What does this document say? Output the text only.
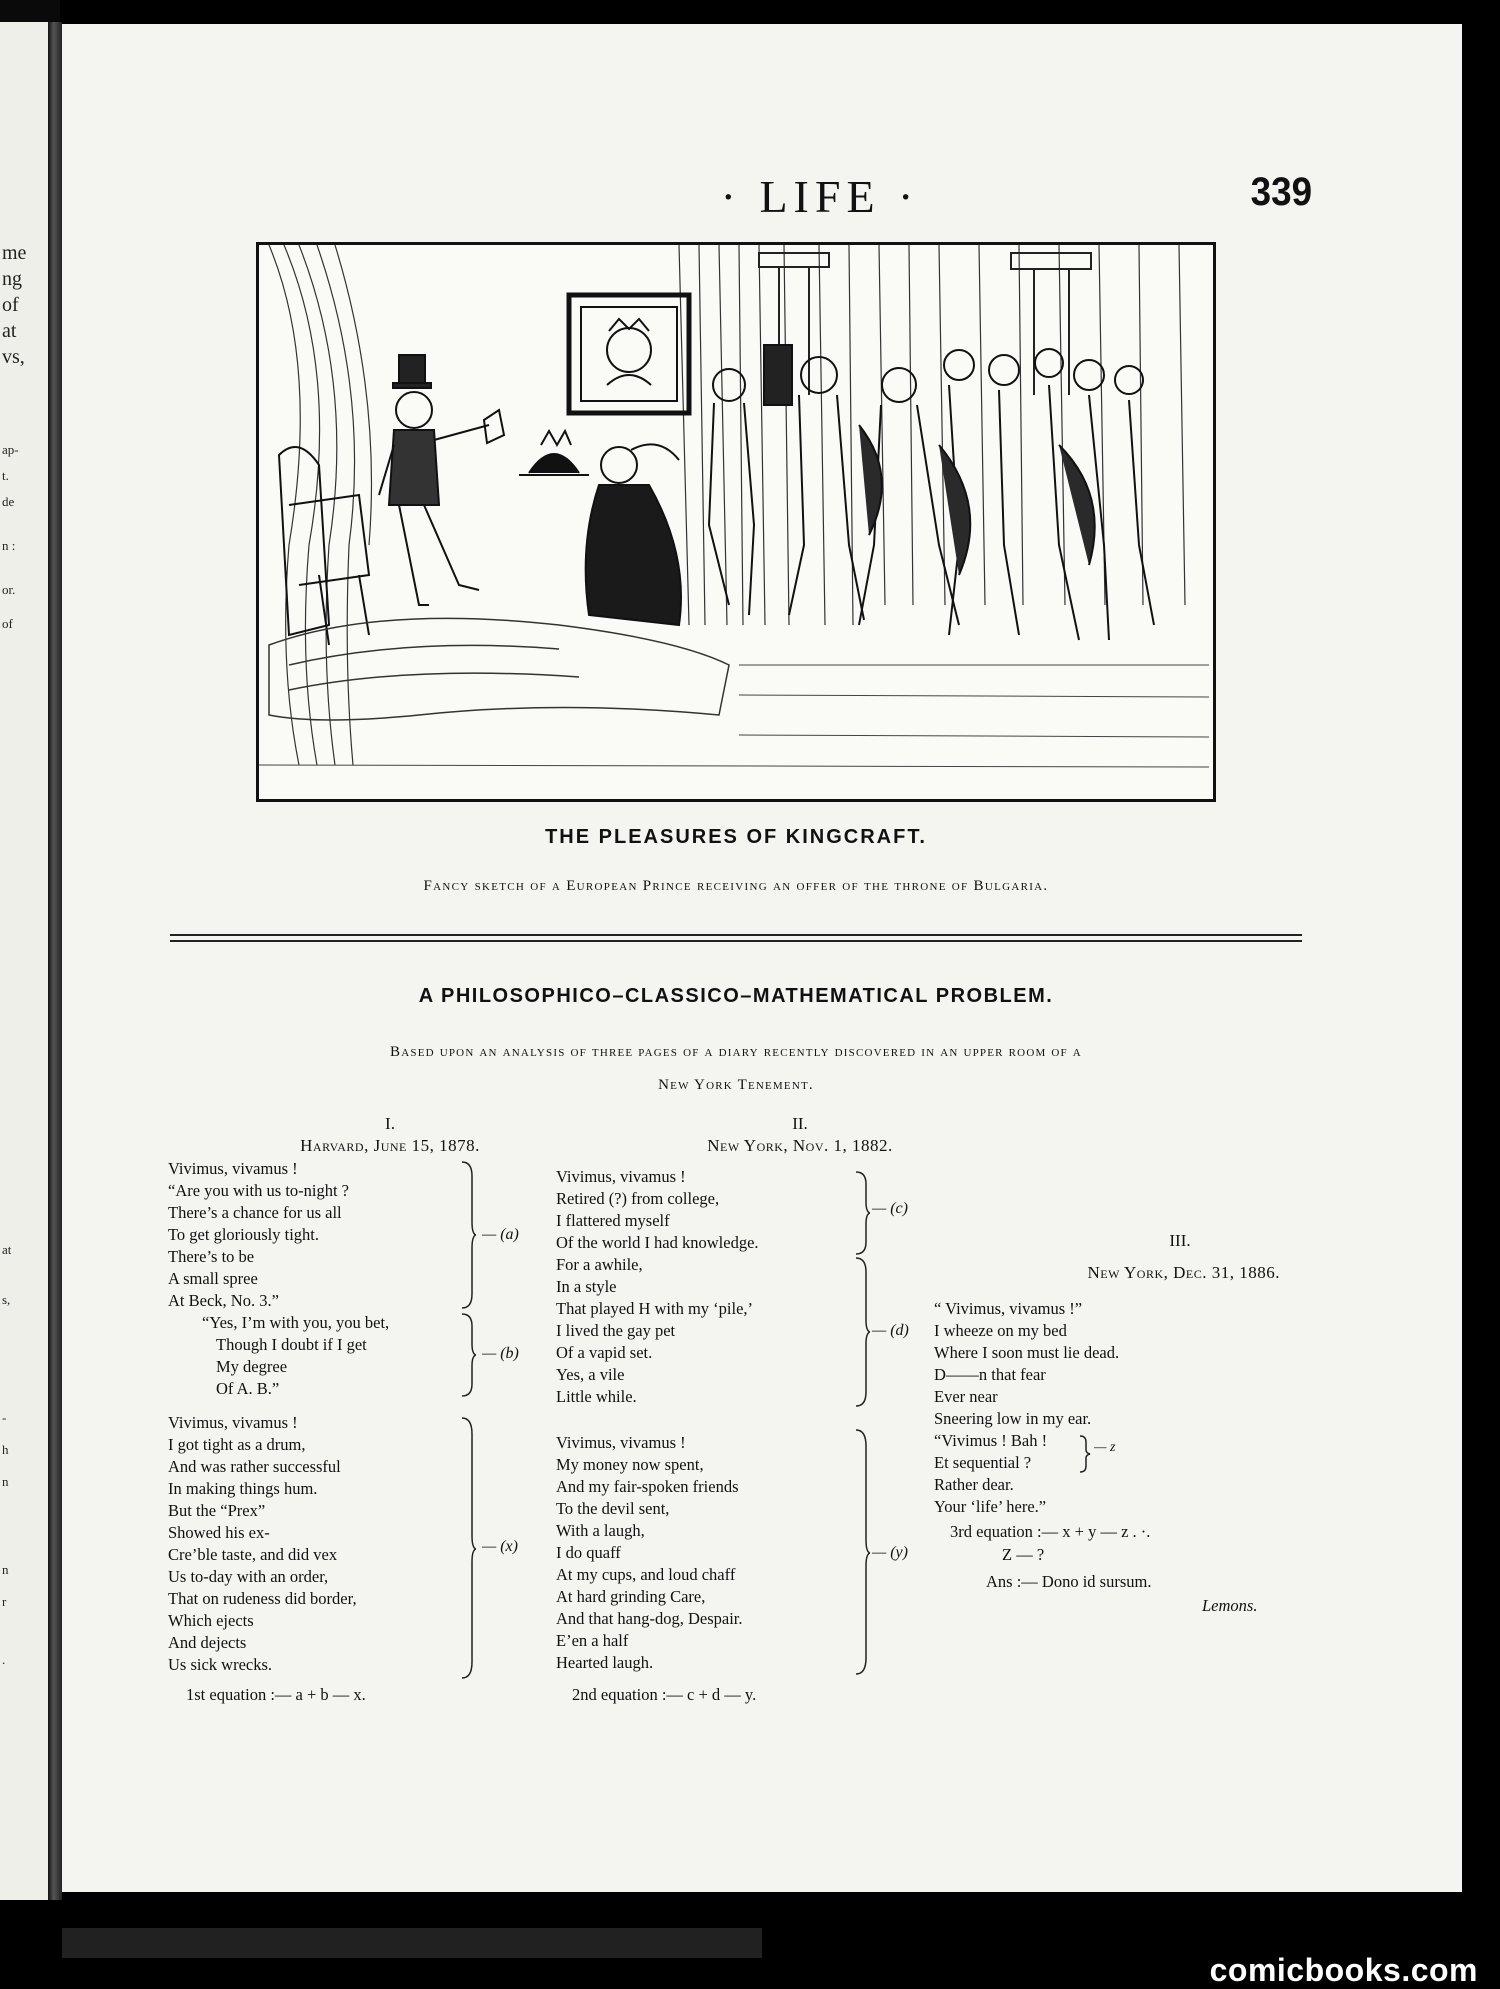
me
ng
of
at
vs,
ap-
t.
de
n :
or.
of
at
s,
-
h
n
n
r
.
· LIFE ·	339
THE PLEASURES OF KINGCRAFT.
Fancy sketch of a European Prince receiving an offer of the throne of Bulgaria.
A PHILOSOPHICO–CLASSICO–MATHEMATICAL PROBLEM.
Based upon an analysis of three pages of a diary recently discovered in an upper room of a
New York Tenement.
I.
Harvard, June 15, 1878.
Vivimus, vivamus !
“Are you with us to-night ?
There’s a chance for us all
To get gloriously tight.
There’s to be
A small spree
At Beck, No. 3.”
“Yes, I’m with you, you bet,
Though I doubt if I get
My degree
Of A. B.”
— (a)
— (b)
Vivimus, vivamus !
I got tight as a drum,
And was rather successful
In making things hum.
But the “Prex”
Showed his ex-
Cre’ble taste, and did vex
Us to-day with an order,
That on rudeness did border,
Which ejects
And dejects
Us sick wrecks.
— (x)
1st equation :— a + b — x.
II.
New York, Nov. 1, 1882.
Vivimus, vivamus !
Retired (?) from college,
I flattered myself
Of the world I had knowledge.
— (c)
For a awhile,
In a style
That played H with my ‘pile,’
I lived the gay pet
Of a vapid set.
Yes, a vile
Little while.
— (d)
Vivimus, vivamus !
My money now spent,
And my fair-spoken friends
To the devil sent,
With a laugh,
I do quaff
At my cups, and loud chaff
At hard grinding Care,
And that hang-dog, Despair.
E’en a half
Hearted laugh.
— (y)
2nd equation :— c + d — y.
III.
New York, Dec. 31, 1886.
“ Vivimus, vivamus !”
I wheeze on my bed
Where I soon must lie dead.
D——n that fear
Ever near
Sneering low in my ear.
“Vivimus ! Bah !
Et sequential ?
Rather dear.
Your ‘life’ here.”
— z
3rd equation :— x + y — z . ·.
Z — ?
Ans :— Dono id sursum.
Lemons.
comicbooks.com
